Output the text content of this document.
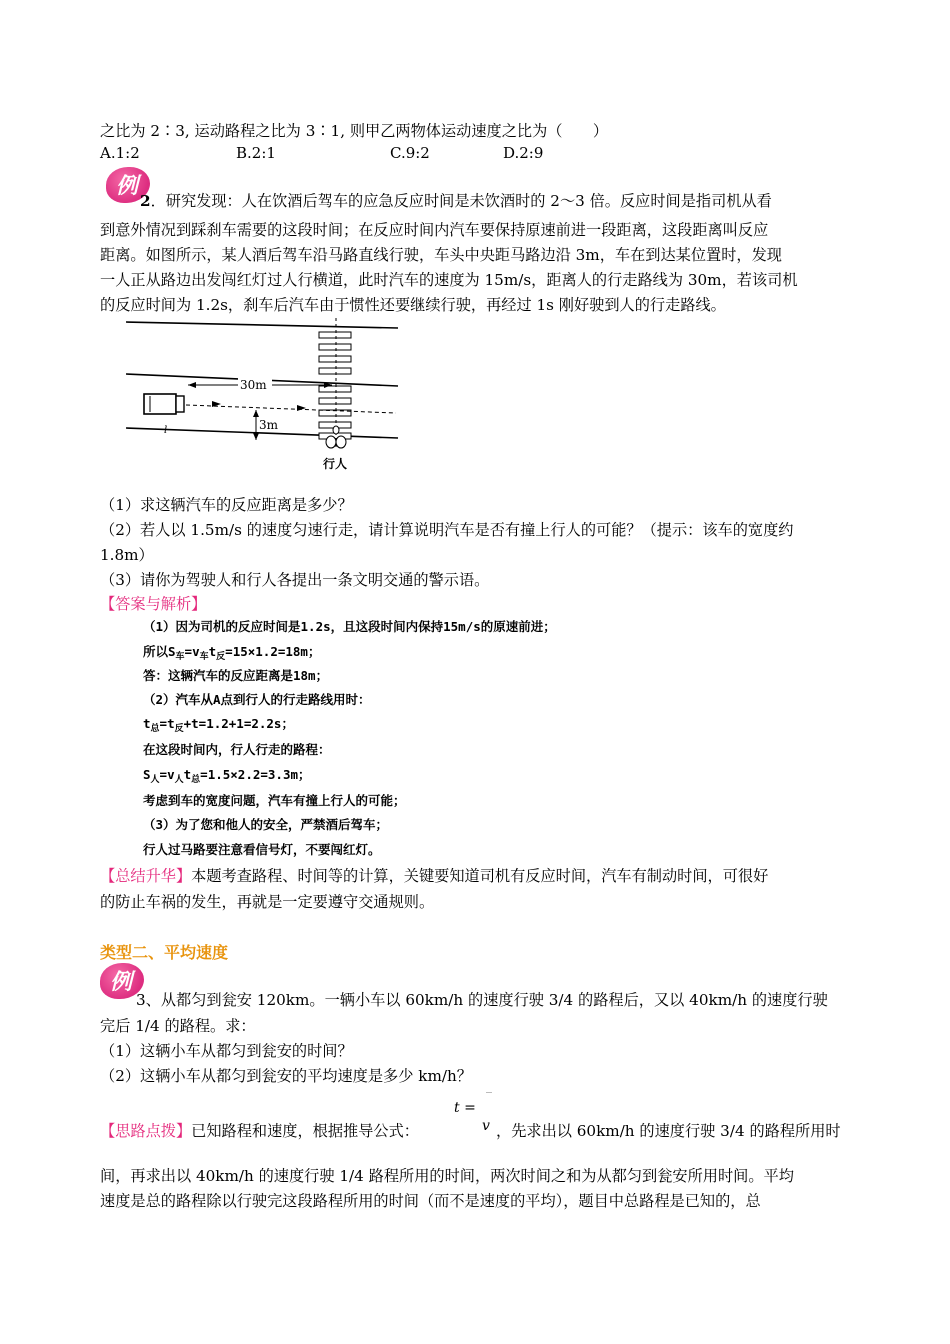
之比为 2∶3, 运动路程之比为 3∶1, 则甲乙两物体运动速度之比为（　　）
A.1:2	B.2:1	C.9:2	D.2:9
例
2．研究发现：人在饮酒后驾车的应急反应时间是未饮酒时的 2～3 倍。反应时间是指司机从看
到意外情况到踩刹车需要的这段时间；在反应时间内汽车要保持原速前进一段距离，这段距离叫反应
距离。如图所示，某人酒后驾车沿马路直线行驶，车头中央距马路边沿 3m，车在到达某位置时，发现
一人正从路边出发闯红灯过人行横道，此时汽车的速度为 15m/s，距离人的行走路线为 30m，若该司机
的反应时间为 1.2s，刹车后汽车由于惯性还要继续行驶，再经过 1s 刚好驶到人的行走路线。
l
30m
3m
行人
（1）求这辆汽车的反应距离是多少？
（2）若人以 1.5m/s 的速度匀速行走，请计算说明汽车是否有撞上行人的可能？（提示：该车的宽度约
1.8m）
（3）请你为驾驶人和行人各提出一条文明交通的警示语。
【答案与解析】
（1）因为司机的反应时间是1.2s，且这段时间内保持15m/s的原速前进；
所以$S_车=v_车t_反=15\times 1.2=18m$；
答：这辆汽车的反应距离是18m；
（2）汽车从A点到行人的行走路线用时：
$t_总=t_反+t=1.2+1=2.2s$；
在这段时间内，行人行走的路程：
$S_人=v_人t_总=1.5\times 2.2=3.3m$；
考虑到车的宽度问题，汽车有撞上行人的可能；
（3）为了您和他人的安全，严禁酒后驾车；
行人过马路要注意看信号灯，不要闯红灯。
【总结升华】本题考查路程、时间等的计算，关键要知道司机有反应时间，汽车有制动时间，可很好
的防止车祸的发生，再就是一定要遵守交通规则。
类型二、平均速度
例
3、从都匀到瓮安 120km。一辆小车以 60km/h 的速度行驶 3/4 的路程后，又以 40km/h 的速度行驶
完后 1/4 的路程。求：
（1）这辆小车从都匀到瓮安的时间？
（2）这辆小车从都匀到瓮安的平均速度是多少 km/h？
【思路点拨】已知路程和速度，根据推导公式：
t =
v ，先求出以 60km/h 的速度行驶 3/4 的路程所用时
间，再求出以 40km/h 的速度行驶 1/4 路程所用的时间，两次时间之和为从都匀到瓮安所用时间。平均
速度是总的路程除以行驶完这段路程所用的时间（而不是速度的平均），题目中总路程是已知的，总
